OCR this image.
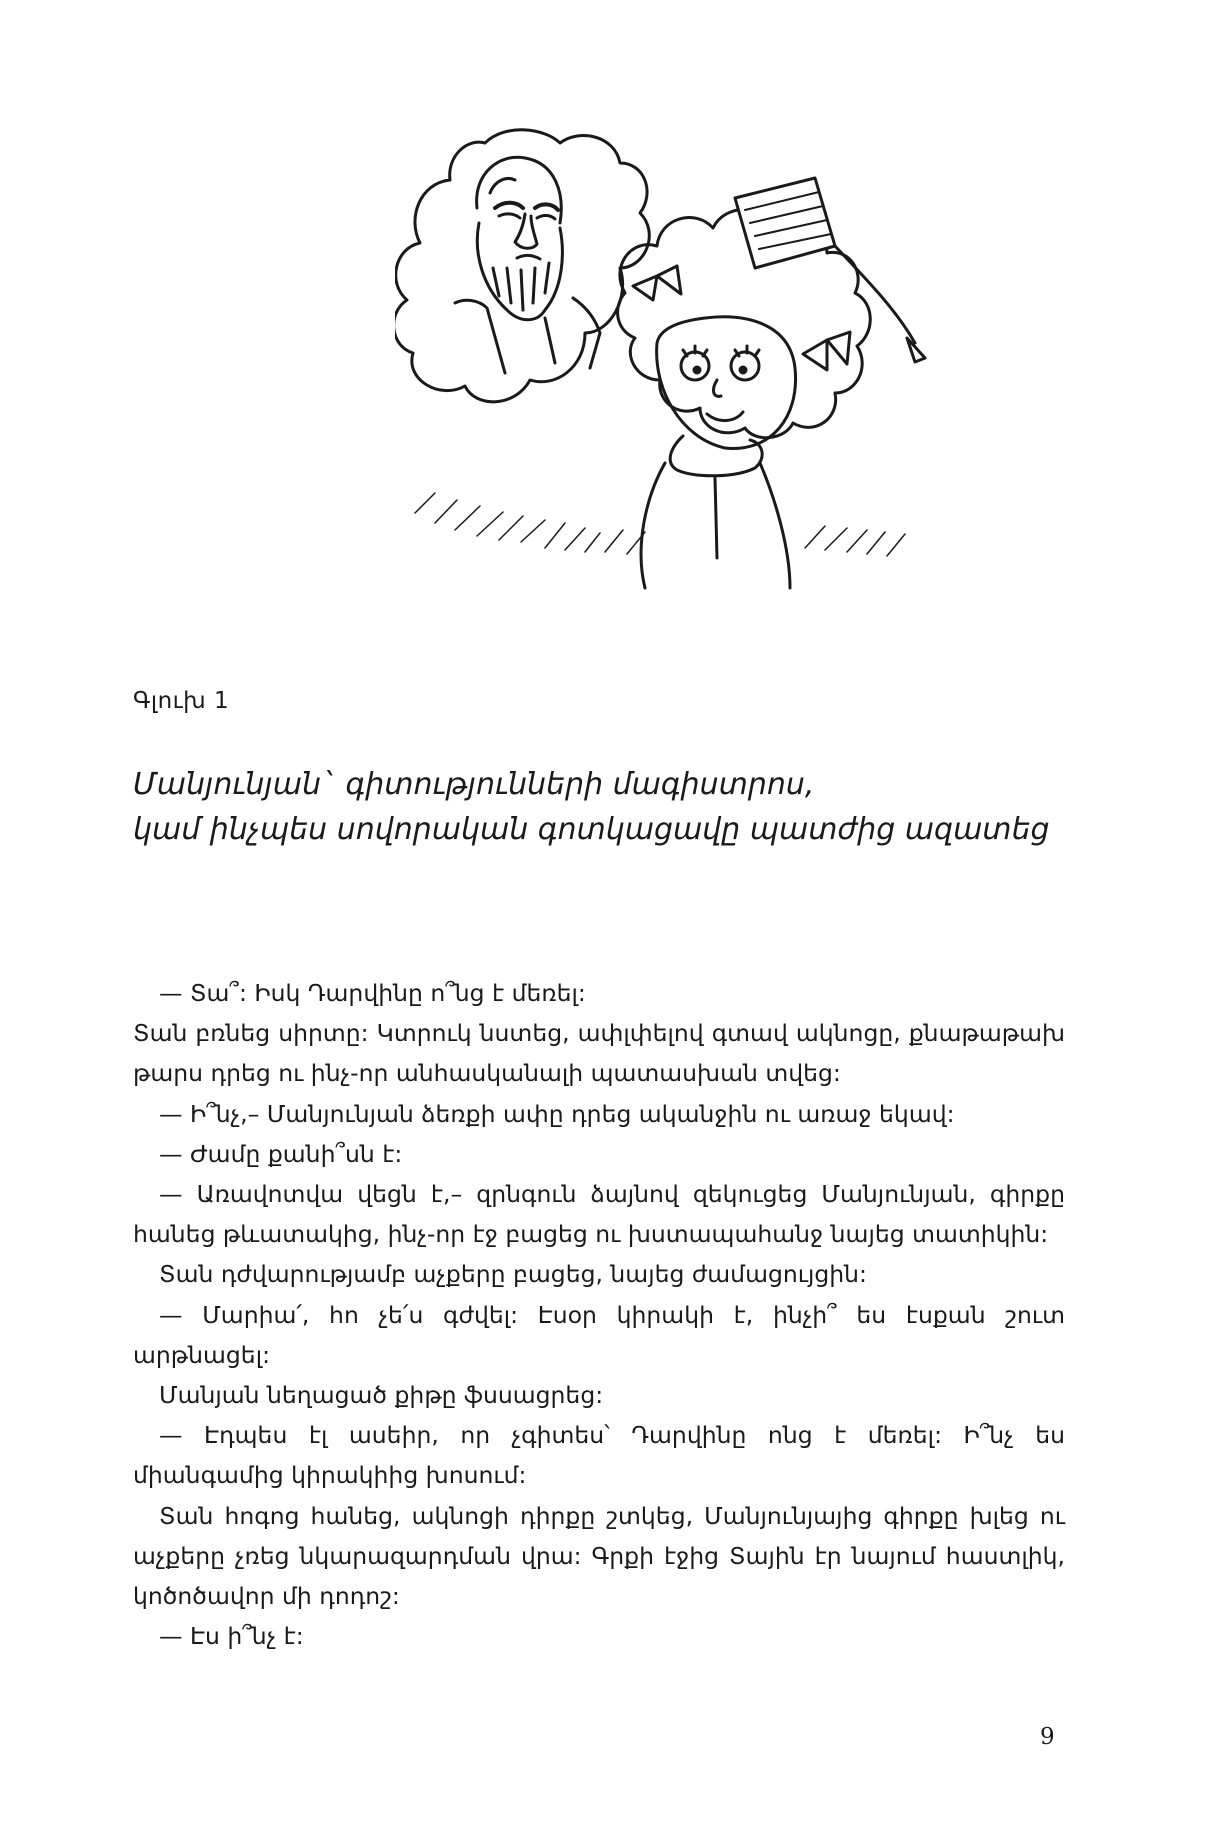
Գլուխ 1
Մանյունյան` գիտությունների մագիստրոս,
կամ ինչպես սովորական գոտկացավը պատժից ազատեց

— Տա՞: Իսկ Դարվինը ո՞նց է մեռել:

Տան բռնեց սիրտը: Կտրուկ նստեց, ափլփելով գտավ ակնոցը, քնաթաթախ թարս դրեց ու ինչ-որ անհասկանալի պատասխան տվեց:

— Ի՞նչ,– Մանյունյան ձեռքի ափը դրեց ականջին ու առաջ եկավ:

— Ժամը քանի՞սն է:

— Առավոտվա վեցն է,– զրնգուն ձայնով զեկուցեց Մանյունյան, գիրքը հանեց թևատակից, ինչ-որ էջ բացեց ու խստապահանջ նայեց տատիկին:

Տան դժվարությամբ աչքերը բացեց, նայեց ժամացույցին:

— Մարիա՛, հո չե՛ս գժվել: Էսօր կիրակի է, ինչի՞ ես էսքան շուտ արթնացել:

Մանյան նեղացած քիթը ֆսսացրեց:

— Էդպես էլ ասեիր, որ չգիտես՝ Դարվինը ոնց է մեռել: Ի՞նչ ես միանգամից կիրակիից խոսում:

Տան հոգոց հանեց, ակնոցի դիրքը շտկեց, Մանյունյայից գիրքը խլեց ու աչքերը չռեց նկարազարդման վրա: Գրքի էջից Տային էր նայում հաստլիկ, կոծոծավոր մի դոդոշ:

— Էս ի՞նչ է:

9
